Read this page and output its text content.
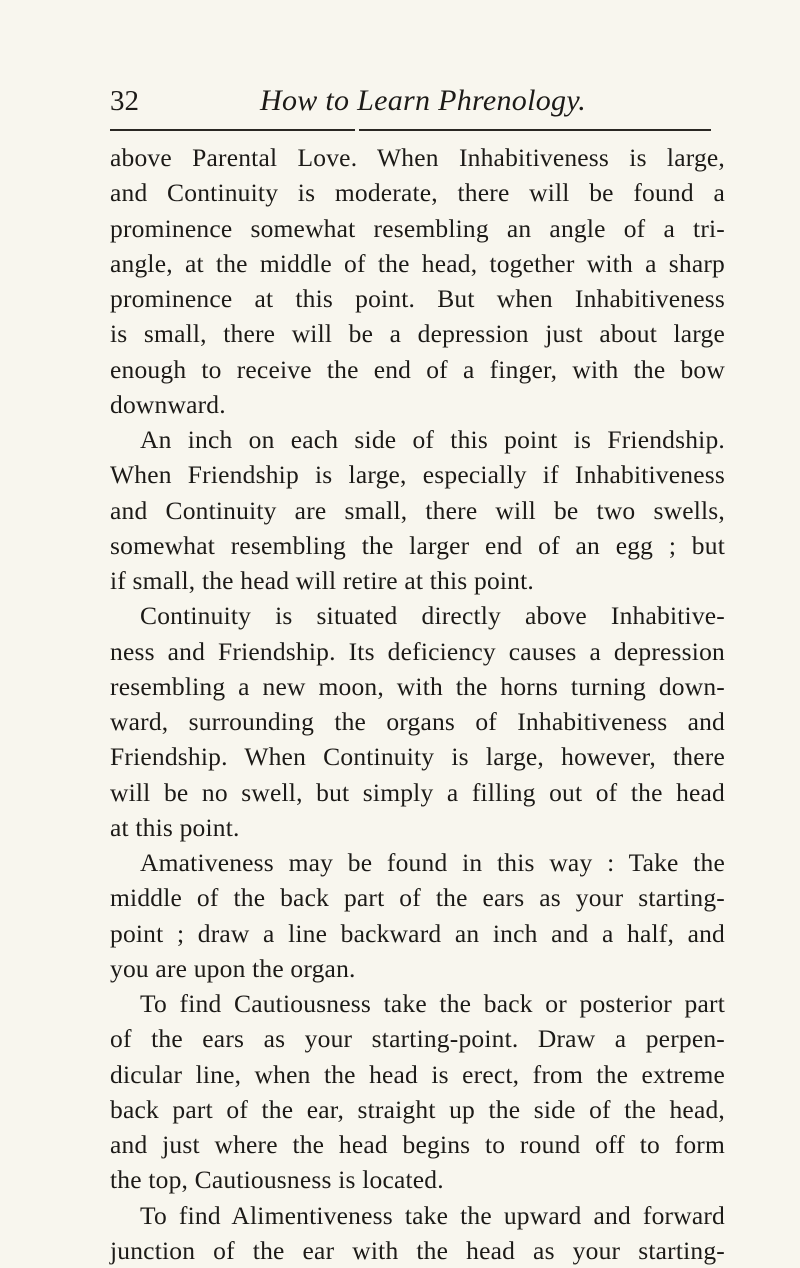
32	How to Learn Phrenology.
above Parental Love. When Inhabitiveness is large,
and Continuity is moderate, there will be found a
prominence somewhat resembling an angle of a tri-
angle, at the middle of the head, together with a sharp
prominence at this point. But when Inhabitiveness
is small, there will be a depression just about large
enough to receive the end of a finger, with the bow
downward.
An inch on each side of this point is Friendship.
When Friendship is large, especially if Inhabitiveness
and Continuity are small, there will be two swells,
somewhat resembling the larger end of an egg ; but
if small, the head will retire at this point.
Continuity is situated directly above Inhabitive-
ness and Friendship. Its deficiency causes a depression
resembling a new moon, with the horns turning down-
ward, surrounding the organs of Inhabitiveness and
Friendship. When Continuity is large, however, there
will be no swell, but simply a filling out of the head
at this point.
Amativeness may be found in this way : Take the
middle of the back part of the ears as your starting-
point ; draw a line backward an inch and a half, and
you are upon the organ.
To find Cautiousness take the back or posterior part
of the ears as your starting-point. Draw a perpen-
dicular line, when the head is erect, from the extreme
back part of the ear, straight up the side of the head,
and just where the head begins to round off to form
the top, Cautiousness is located.
To find Alimentiveness take the upward and forward
junction of the ear with the head as your starting-
